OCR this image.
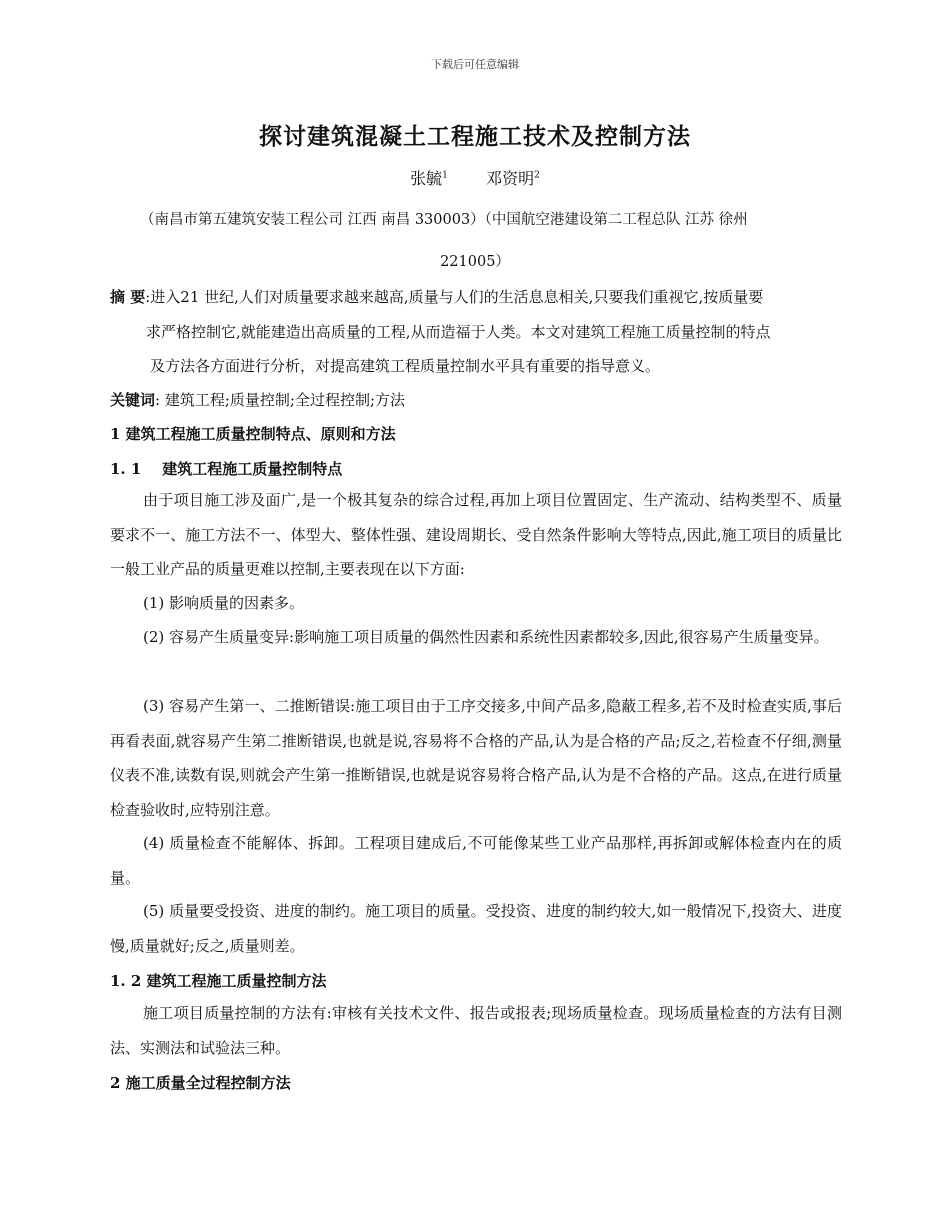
下载后可任意编辑
探讨建筑混凝土工程施工技术及控制方法
张毓$^1$ 邓资明$^2$
（南昌市第五建筑安装工程公司 江西 南昌 330003）（中国航空港建设第二工程总队 江苏 徐州
221005）
摘 要:进入21 世纪,人们对质量要求越来越高,质量与人们的生活息息相关,只要我们重视它,按质量要
求严格控制它,就能建造出高质量的工程,从而造福于人类。本文对建筑工程施工质量控制的特点
及方法各方面进行分析，对提高建筑工程质量控制水平具有重要的指导意义。
关键词: 建筑工程;质量控制;全过程控制;方法
1 建筑工程施工质量控制特点、原则和方法
1. 1    建筑工程施工质量控制特点
由于项目施工涉及面广,是一个极其复杂的综合过程,再加上项目位置固定、生产流动、结构类型不、质量要求不一、施工方法不一、体型大、整体性强、建设周期长、受自然条件影响大等特点,因此,施工项目的质量比一般工业产品的质量更难以控制,主要表现在以下方面:
(1) 影响质量的因素多。
(2) 容易产生质量变异:影响施工项目质量的偶然性因素和系统性因素都较多,因此,很容易产生质量变异。
(3) 容易产生第一、二推断错误:施工项目由于工序交接多,中间产品多,隐蔽工程多,若不及时检查实质,事后再看表面,就容易产生第二推断错误,也就是说,容易将不合格的产品,认为是合格的产品;反之,若检查不仔细,测量仪表不准,读数有误,则就会产生第一推断错误,也就是说容易将合格产品,认为是不合格的产品。这点,在进行质量检查验收时,应特别注意。
(4) 质量检查不能解体、拆卸。工程项目建成后,不可能像某些工业产品那样,再拆卸或解体检查内在的质量。
(5) 质量要受投资、进度的制约。施工项目的质量。受投资、进度的制约较大,如一般情况下,投资大、进度慢,质量就好;反之,质量则差。
1. 2 建筑工程施工质量控制方法
施工项目质量控制的方法有:审核有关技术文件、报告或报表;现场质量检查。现场质量检查的方法有目测法、实测法和试验法三种。
2 施工质量全过程控制方法
